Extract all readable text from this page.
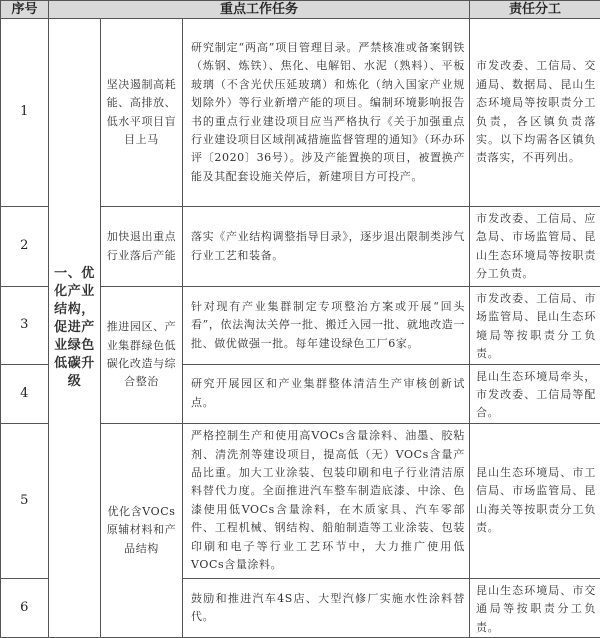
序号	重点工作任务			责任分工
1	一、优化产业结构，促进产业绿色低碳升级	坚决遏制高耗能、高排放、低水平项目盲目上马	研究制定“两高”项目管理目录。严禁核准或备案钢铁（炼钢、炼铁）、焦化、电解铝、水泥（熟料）、平板玻璃（不含光伏压延玻璃）和炼化（纳入国家产业规划除外）等行业新增产能的项目。编制环境影响报告书的重点行业建设项目应当严格执行《关于加强重点行业建设项目区域削减措施监督管理的通知》（环办环评〔2020〕36号）。涉及产能置换的项目，被置换产能及其配套设施关停后，新建项目方可投产。	市发改委、工信局、交通局、数据局、昆山生态环境局等按职责分工负责，各区镇负责落实。以下均需各区镇负责落实，不再列出。
2		加快退出重点行业落后产能	落实《产业结构调整指导目录》，逐步退出限制类涉气行业工艺和装备。	市发改委、工信局、应急局、市场监管局、昆山生态环境局等按职责分工负责。
3		推进园区、产业集群绿色低碳化改造与综合整治	针对现有产业集群制定专项整治方案或开展“回头看”，依法淘汰关停一批、搬迁入园一批、就地改造一批、做优做强一批。每年建设绿色工厂6家。	市发改委、工信局、市场监管局、昆山生态环境局等按职责分工负责。
4			研究开展园区和产业集群整体清洁生产审核创新试点。	昆山生态环境局牵头，市发改委、工信局等配合。
5		优化含VOCs原辅材料和产品结构	严格控制生产和使用高VOCs含量涂料、油墨、胶粘剂、清洗剂等建设项目，提高低（无）VOCs含量产品比重。加大工业涂装、包装印刷和电子行业清洁原料替代力度。全面推进汽车整车制造底漆、中涂、色漆使用低VOCs含量涂料，在木质家具、汽车零部件、工程机械、钢结构、船舶制造等工业涂装、包装印刷和电子等行业工艺环节中，大力推广使用低VOCs含量涂料。	昆山生态环境局、市工信局、市场监管局、昆山海关等按职责分工负责。
6			鼓励和推进汽车4S店、大型汽修厂实施水性涂料替代。	昆山生态环境局、市交通局等按职责分工负责。
